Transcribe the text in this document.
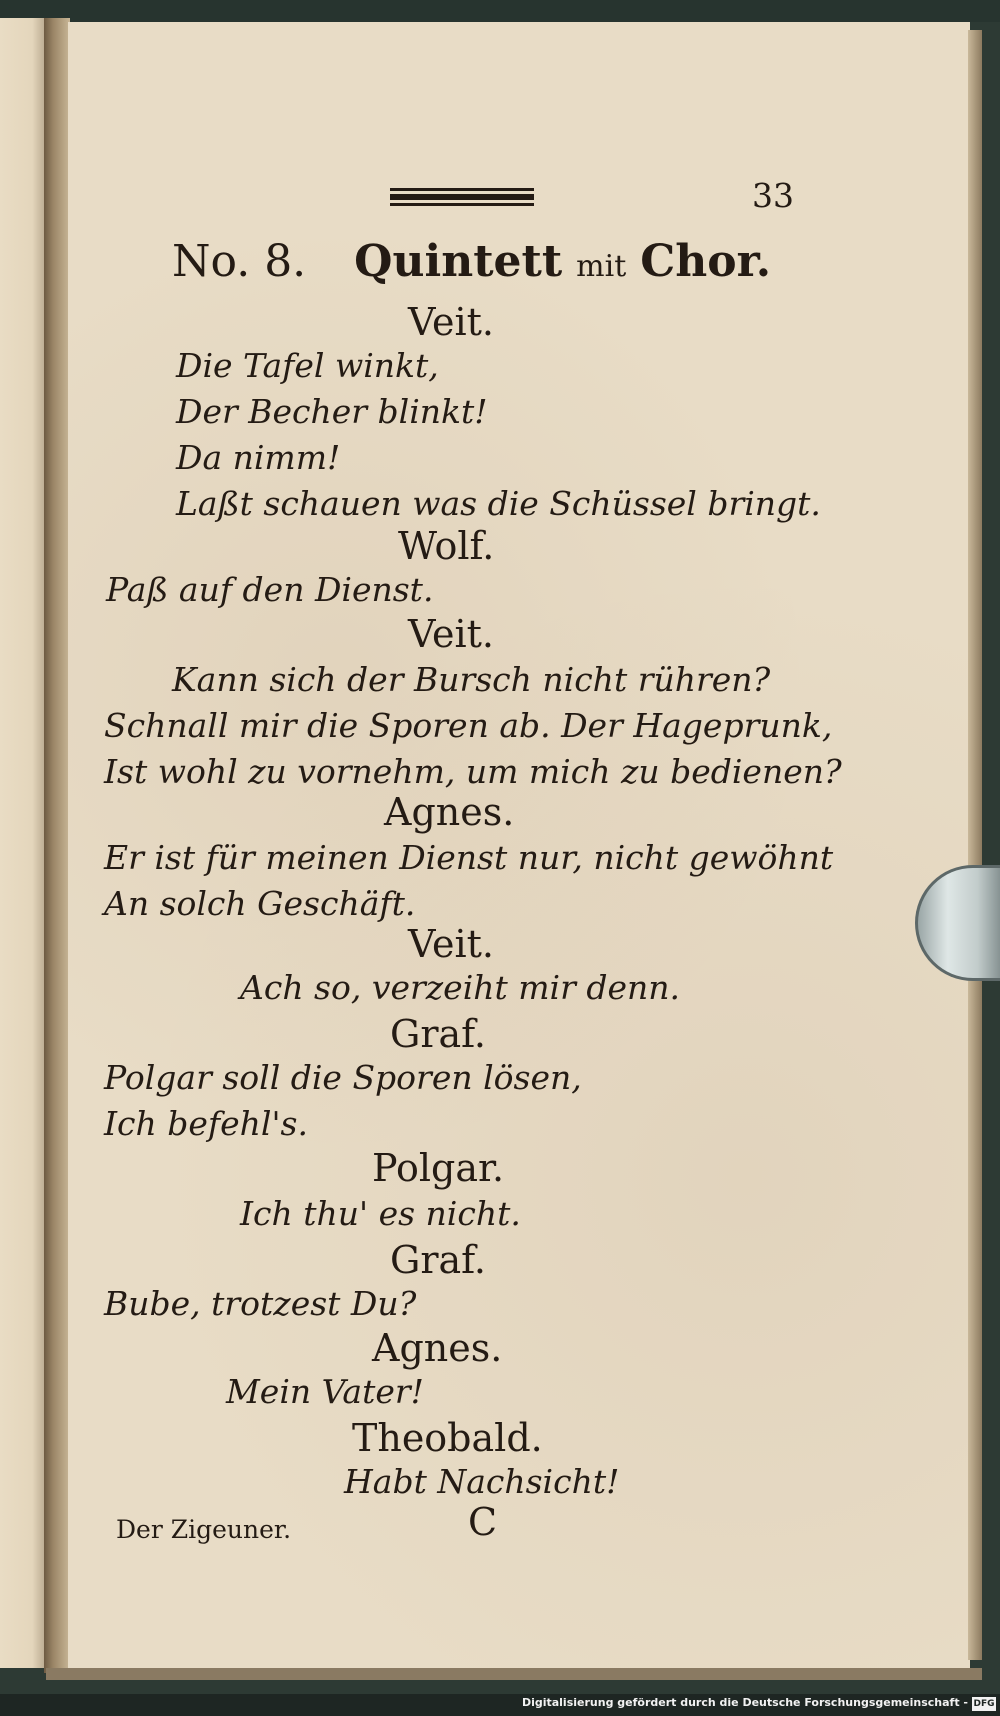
33
No. 8. Quintett mit Chor.
Veit.
Die Tafel winkt,
Der Becher blinkt!
Da nimm!
Laßt schauen was die Schüssel bringt.
Wolf.
Paß auf den Dienst.
Veit.
Kann sich der Bursch nicht rühren?
Schnall mir die Sporen ab. Der Hageprunk,
Ist wohl zu vornehm, um mich zu bedienen?
Agnes.
Er ist für meinen Dienst nur, nicht gewöhnt
An solch Geschäft.
Veit.
Ach so, verzeiht mir denn.
Graf.
Polgar soll die Sporen lösen,
Ich befehl's.
Polgar.
Ich thu' es nicht.
Graf.
Bube, trotzest Du?
Agnes.
Mein Vater!
Theobald.
Habt Nachsicht!
Der Zigeuner.	C
Digitalisierung gefördert durch die Deutsche Forschungsgemeinschaft - DFG
